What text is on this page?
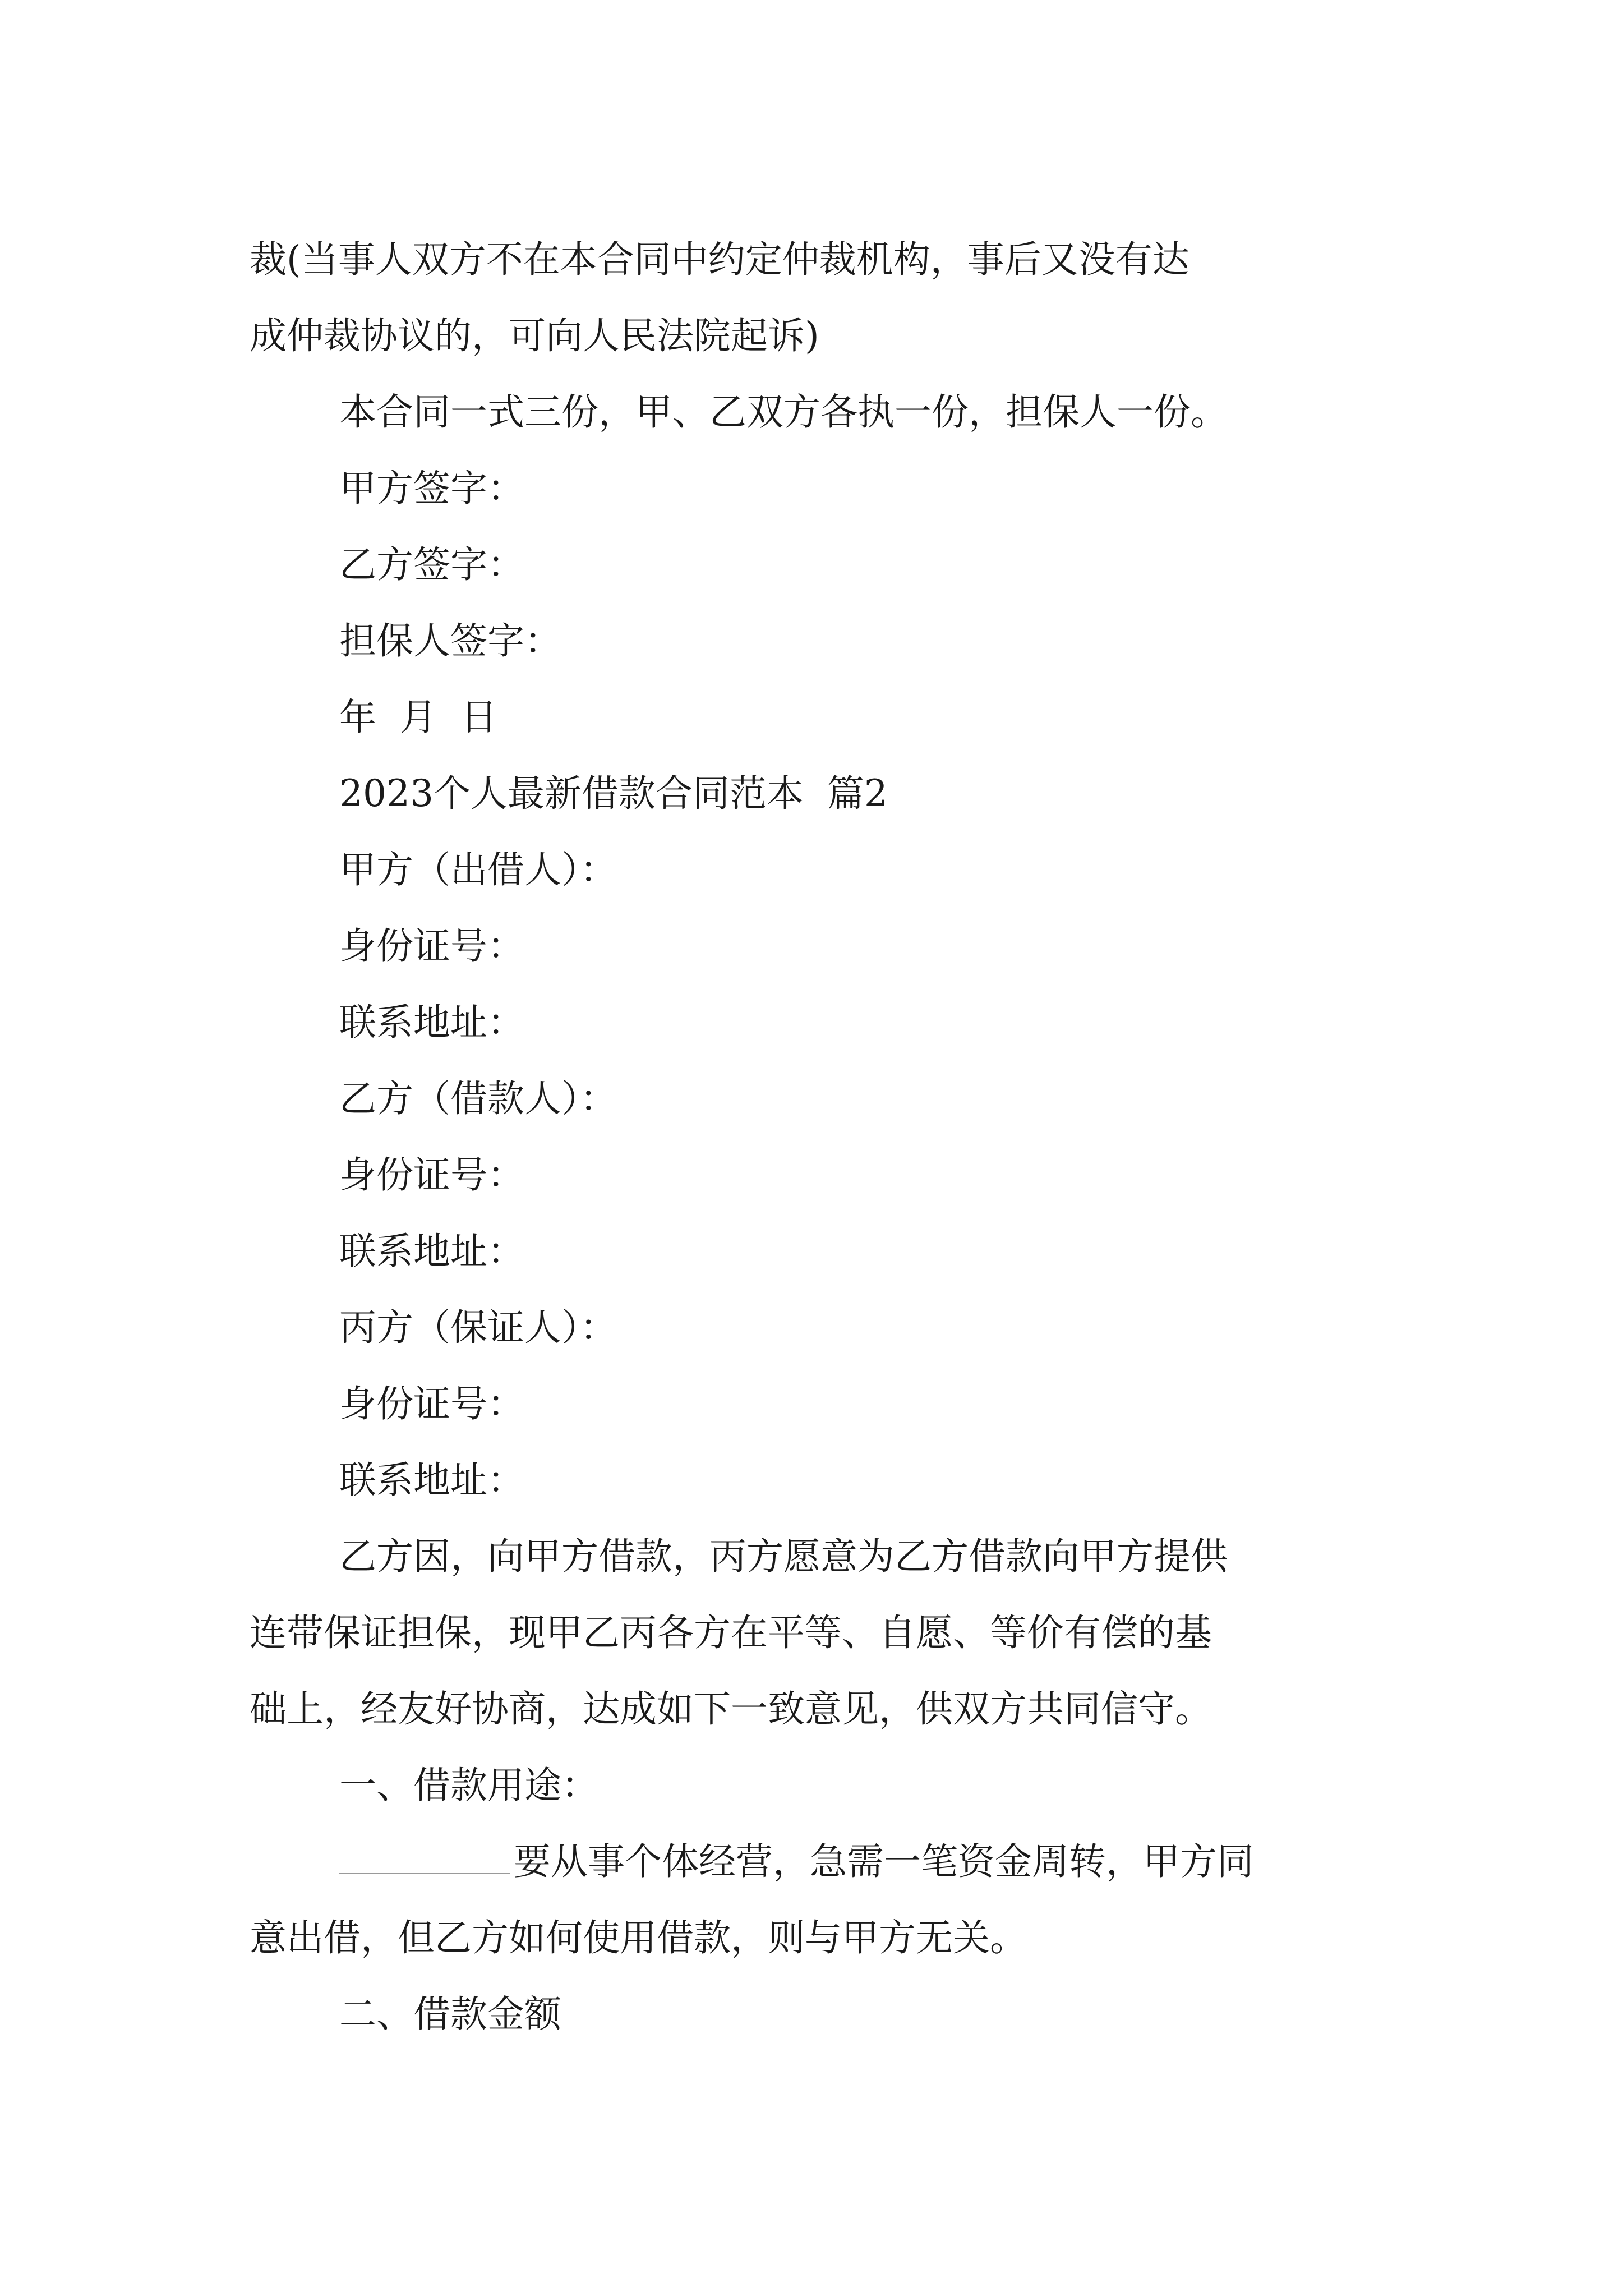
裁(当事人双方不在本合同中约定仲裁机构，事后又没有达
成仲裁协议的，可向人民法院起诉)
本合同一式三份，甲、乙双方各执一份，担保人一份。
甲方签字：
乙方签字：
担保人签字：
年  月  日
2023个人最新借款合同范本  篇2
甲方（出借人）：
身份证号：
联系地址：
乙方（借款人）：
身份证号：
联系地址：
丙方（保证人）：
身份证号：
联系地址：
乙方因，向甲方借款，丙方愿意为乙方借款向甲方提供
连带保证担保，现甲乙丙各方在平等、自愿、等价有偿的基
础上，经友好协商，达成如下一致意见，供双方共同信守。
一、借款用途：
要从事个体经营，急需一笔资金周转，甲方同
意出借，但乙方如何使用借款，则与甲方无关。
二、借款金额
